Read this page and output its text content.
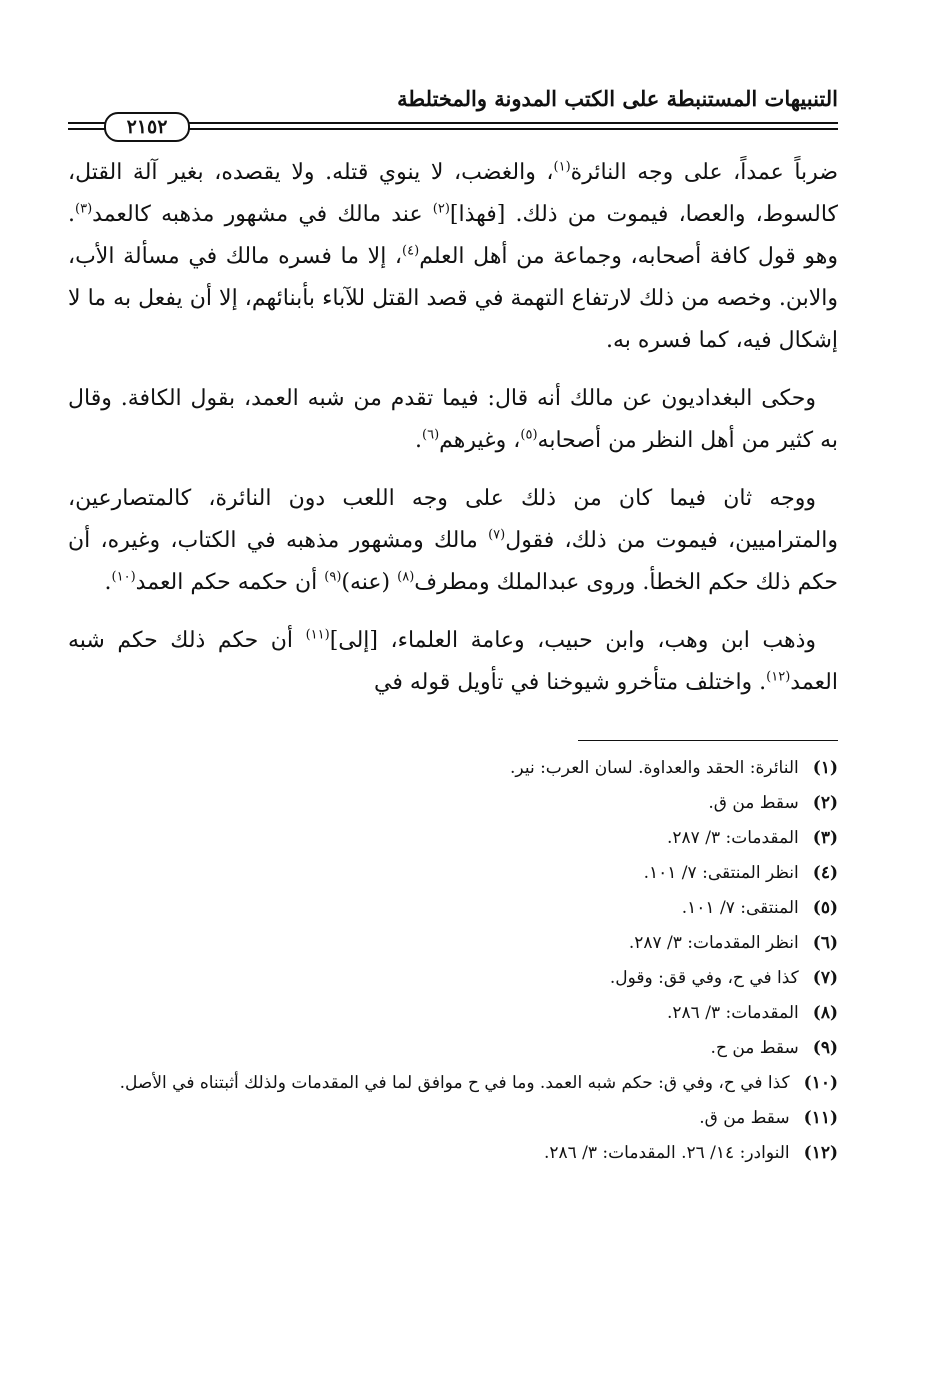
التنبيهات المستنبطة على الكتب المدونة والمختلطة
٢١٥٢

ضرباً عمداً، على وجه النائرة$^{(١)}$، والغضب، لا ينوي قتله. ولا يقصده، بغير آلة القتل، كالسوط، والعصا، فيموت من ذلك. [فهذا]$^{(٢)}$ عند مالك في مشهور مذهبه كالعمد$^{(٣)}$. وهو قول كافة أصحابه، وجماعة من أهل العلم$^{(٤)}$، إلا ما فسره مالك في مسألة الأب، والابن. وخصه من ذلك لارتفاع التهمة في قصد القتل للآباء بأبنائهم، إلا أن يفعل به ما لا إشكال فيه، كما فسره به.

وحكى البغداديون عن مالك أنه قال: فيما تقدم من شبه العمد، بقول الكافة. وقال به كثير من أهل النظر من أصحابه$^{(٥)}$، وغيرهم$^{(٦)}$.

ووجه ثان فيما كان من ذلك على وجه اللعب دون النائرة، كالمتصارعين، والمترامیين، فيموت من ذلك، فقول$^{(٧)}$ مالك ومشهور مذهبه في الكتاب، وغيره، أن حكم ذلك حكم الخطأ. وروى عبدالملك ومطرف$^{(٨)}$ (عنه)$^{(٩)}$ أن حكمه حكم العمد$^{(١٠)}$.

وذهب ابن وهب، وابن حبيب، وعامة العلماء، [إلى]$^{(١١)}$ أن حكم ذلك حكم شبه العمد$^{(١٢)}$. واختلف متأخرو شيوخنا في تأويل قوله في

(١)
النائرة: الحقد والعداوة. لسان العرب: نير.
(٢)
سقط من ق.
(٣)
المقدمات: ٣/ ٢٨٧.
(٤)
انظر المنتقى: ٧/ ١٠١.
(٥)
المنتقى: ٧/ ١٠١.
(٦)
انظر المقدمات: ٣/ ٢٨٧.
(٧)
كذا في ح، وفي قق: وقول.
(٨)
المقدمات: ٣/ ٢٨٦.
(٩)
سقط من ح.
(١٠)
كذا في ح، وفي ق: حكم شبه العمد. وما في ح موافق لما في المقدمات ولذلك أثبتناه في الأصل.
(١١)
سقط من ق.
(١٢)
النوادر: ١٤/ ٢٦. المقدمات: ٣/ ٢٨٦.
